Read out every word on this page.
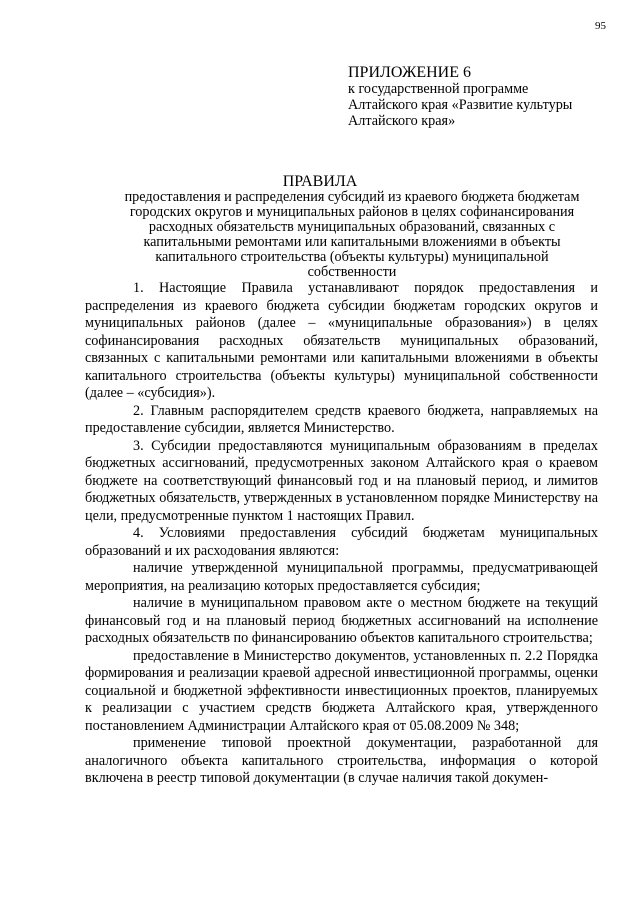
95
ПРИЛОЖЕНИЕ 6
к государственной программе
Алтайского края «Развитие культуры
Алтайского края»
ПРАВИЛА
предоставления и распределения субсидий из краевого бюджета бюджетам городских округов и муниципальных районов в целях софинансирования расходных обязательств муниципальных образований, связанных с капитальными ремонтами или капитальными вложениями в объекты капитального строительства (объекты культуры) муниципальной собственности

1. Настоящие Правила устанавливают порядок предоставления и распределения из краевого бюджета субсидии бюджетам городских округов и муниципальных районов (далее – «муниципальные образования») в целях софинансирования расходных обязательств муниципальных образований, связанных с капитальными ремонтами или капитальными вложениями в объекты капитального строительства (объекты культуры) муниципальной собственности (далее – «субсидия»).

2. Главным распорядителем средств краевого бюджета, направляемых на предоставление субсидии, является Министерство.

3. Субсидии предоставляются муниципальным образованиям в пределах бюджетных ассигнований, предусмотренных законом Алтайского края о краевом бюджете на соответствующий финансовый год и на плановый период, и лимитов бюджетных обязательств, утвержденных в установленном порядке Министерству на цели, предусмотренные пунктом 1 настоящих Правил.

4. Условиями предоставления субсидий бюджетам муниципальных образований и их расходования являются:

наличие утвержденной муниципальной программы, предусматривающей мероприятия, на реализацию которых предоставляется субсидия;

наличие в муниципальном правовом акте о местном бюджете на текущий финансовый год и на плановый период бюджетных ассигнований на исполнение расходных обязательств по финансированию объектов капитального строительства;

предоставление в Министерство документов, установленных п. 2.2 Порядка формирования и реализации краевой адресной инвестиционной программы, оценки социальной и бюджетной эффективности инвестиционных проектов, планируемых к реализации с участием средств бюджета Алтайского края, утвержденного постановлением Администрации Алтайского края от 05.08.2009 № 348;

применение типовой проектной документации, разработанной для аналогичного объекта капитального строительства, информация о которой включена в реестр типовой документации (в случае наличия такой докумен-
